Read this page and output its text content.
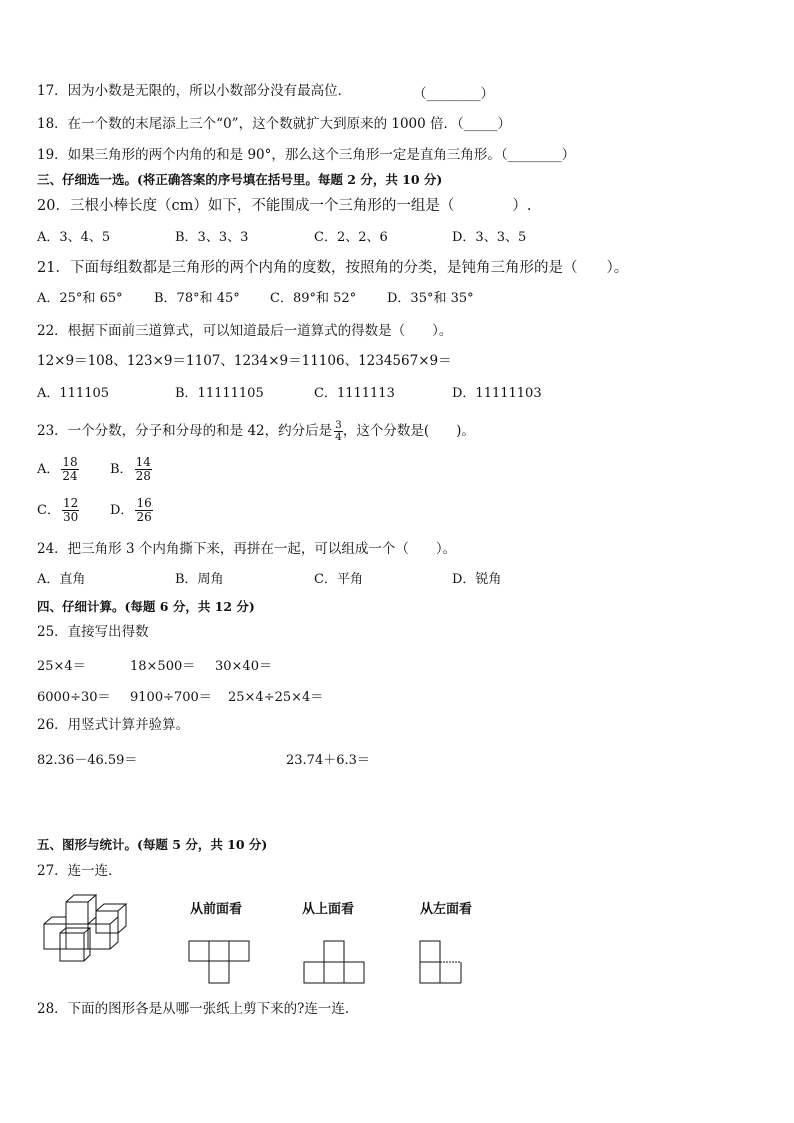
17．因为小数是无限的，所以小数部分没有最高位．	（________）
18．在一个数的末尾添上三个“0”，这个数就扩大到原来的 1000 倍．（_____）
19．如果三角形的两个内角的和是 90°，那么这个三角形一定是直角三角形。（________）
三、仔细选一选。(将正确答案的序号填在括号里。每题 2 分，共 10 分)
20．三根小棒长度（cm）如下，不能围成一个三角形的一组是（　　　　）.
A．3、4、5	B．3、3、3	C．2、2、6	D．3、3、5
21．下面每组数都是三角形的两个内角的度数，按照角的分类，是钝角三角形的是（　　）。
A．25°和 65° B．78°和 45° C．89°和 52° D．35°和 35°
22．根据下面前三道算式，可以知道最后一道算式的得数是（　　）。
12×9＝108、123×9＝1107、1234×9＝11106、1234567×9＝
A．111105	B．11111105	C．1111113	D．11111103
23．一个分数，分子和分母的和是 42，约分后是 $\frac{3}{4}$ ，这个分数是(　　)。
A． $\frac{18}{24}$ B． $\frac{14}{28}$
C． $\frac{12}{30}$ D． $\frac{16}{26}$
24．把三角形 3 个内角撕下来，再拼在一起，可以组成一个（　　）。
A．直角	B．周角	C．平角	D．锐角
四、仔细计算。(每题 6 分，共 12 分)
25．直接写出得数
25×4＝	18×500＝ 30×40＝
6000÷30＝ 9100÷700＝ 25×4÷25×4＝
26．用竖式计算并验算。
82.36－46.59＝	23.74＋6.3＝
五、图形与统计。(每题 5 分，共 10 分)
27．连一连．
从前面看	从上面看	从左面看
28．下面的图形各是从哪一张纸上剪下来的?连一连．
